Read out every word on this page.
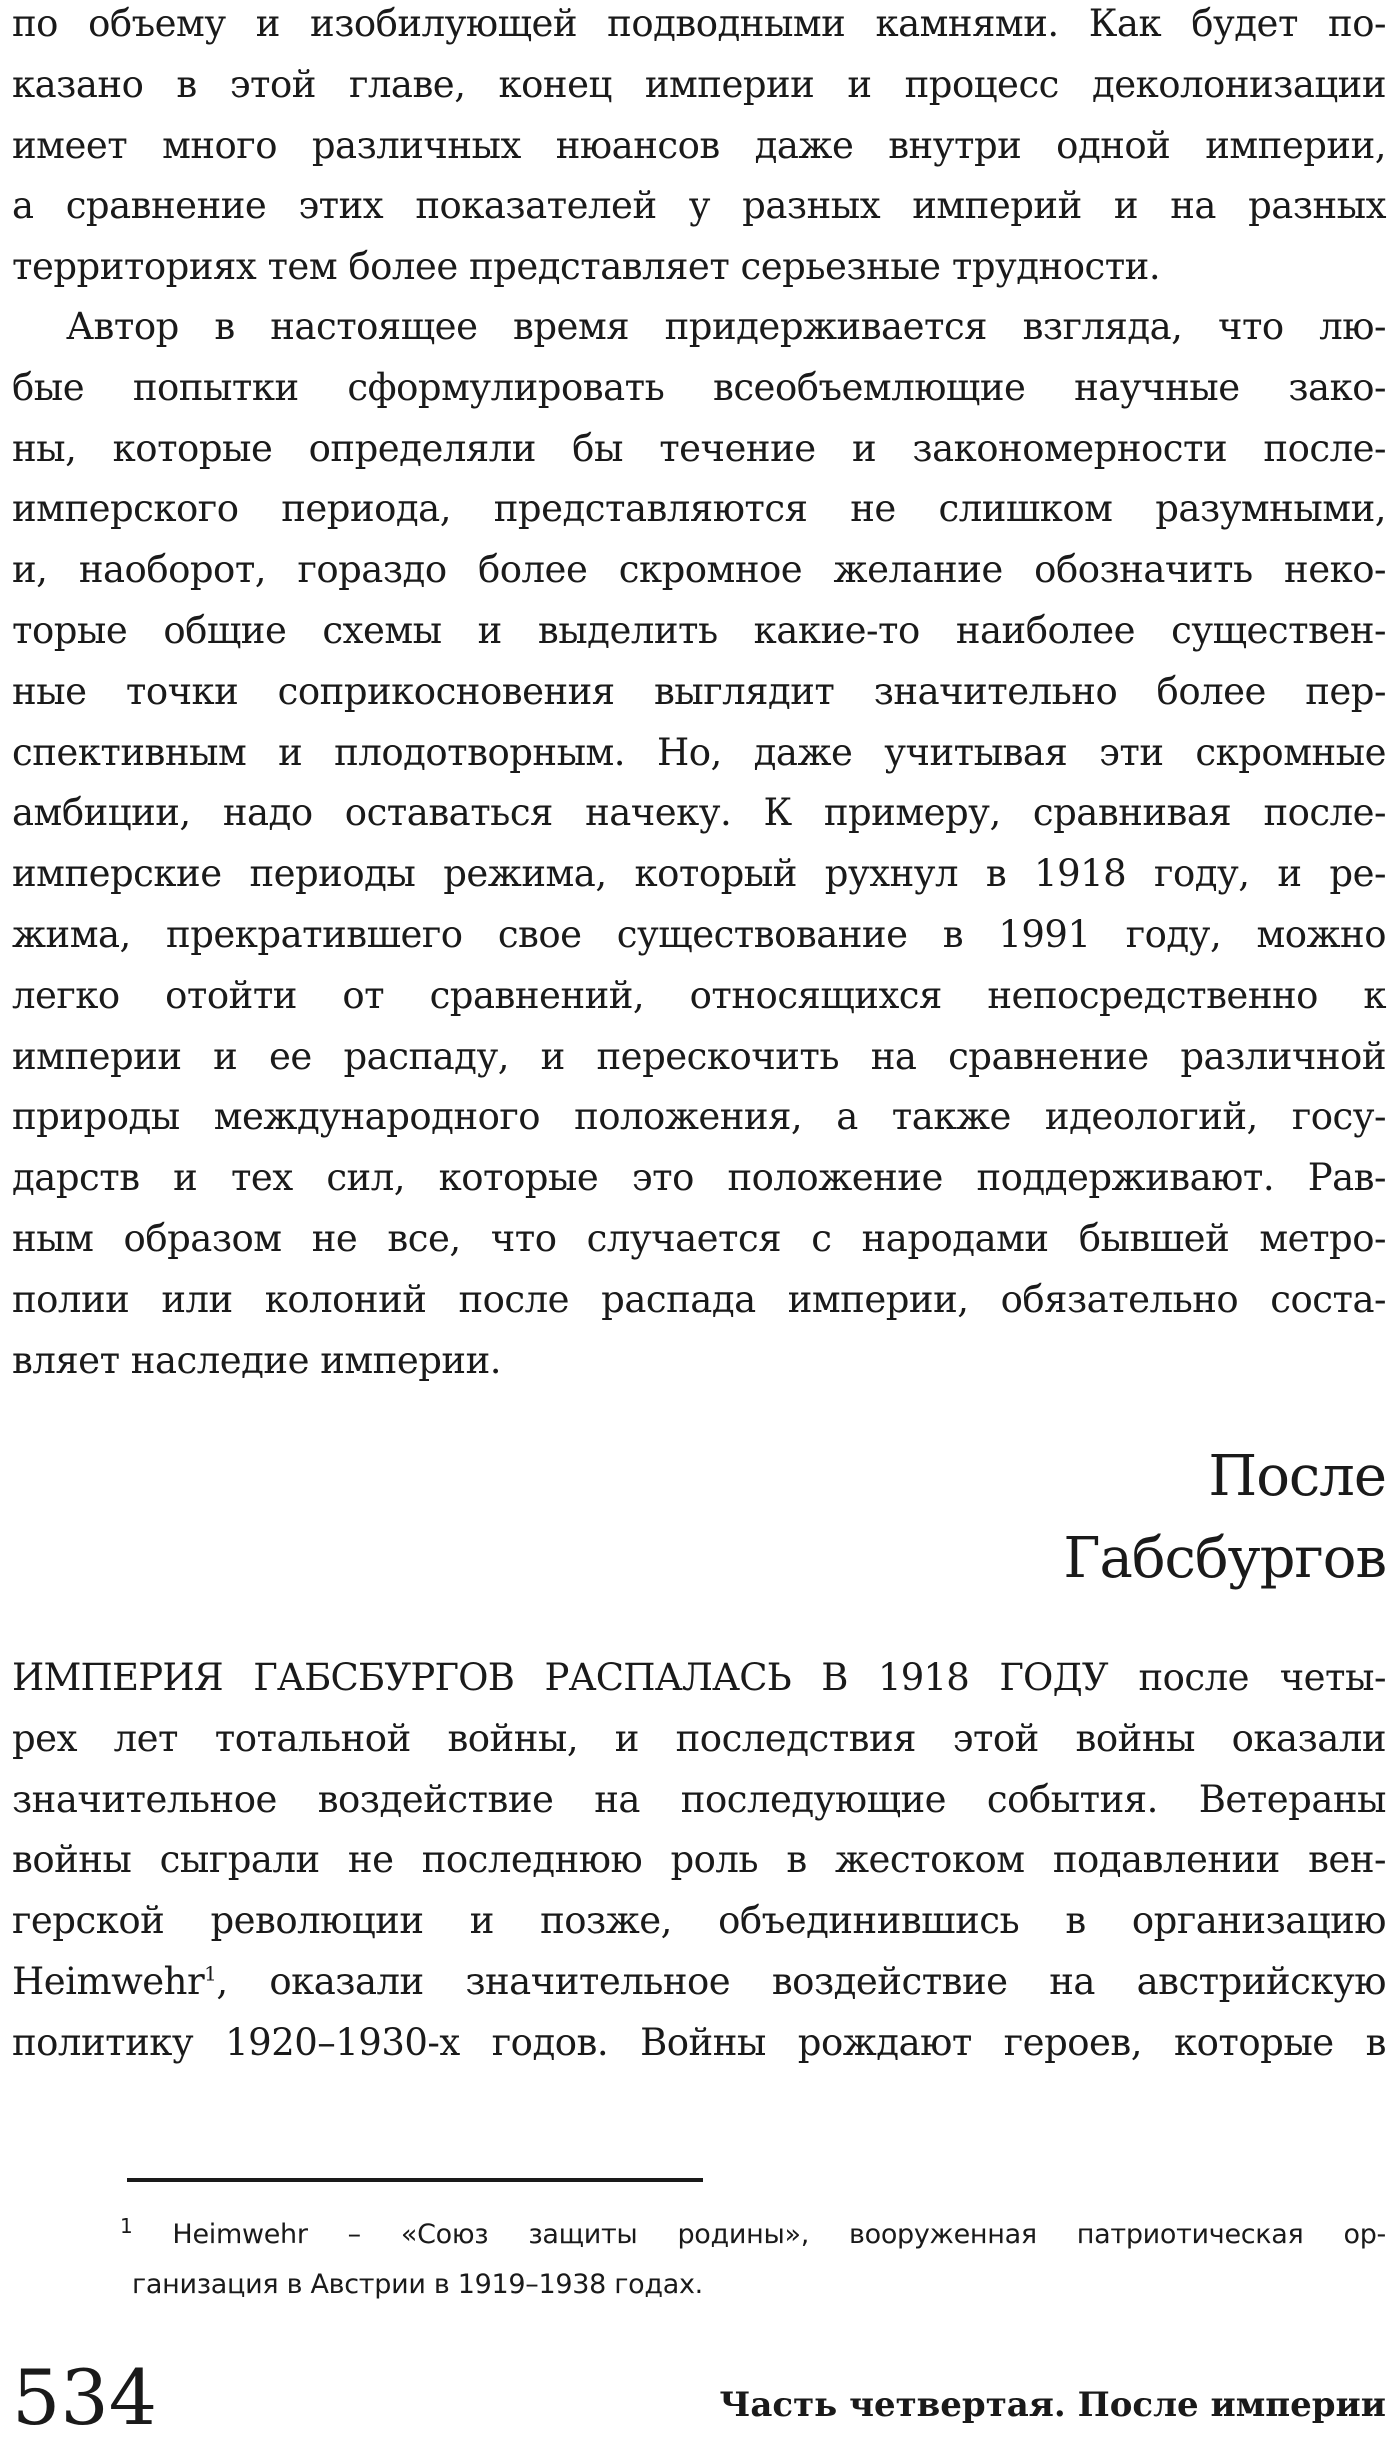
по объему и изобилующей подводными камнями. Как будет по-
казано в этой главе, конец империи и процесс деколонизации
имеет много различных нюансов даже внутри одной империи,
а сравнение этих показателей у разных империй и на разных
территориях тем более представляет серьезные трудности.
Автор в настоящее время придерживается взгляда, что лю-
бые попытки сформулировать всеобъемлющие научные зако-
ны, которые определяли бы течение и закономерности после-
имперского периода, представляются не слишком разумными,
и, наоборот, гораздо более скромное желание обозначить неко-
торые общие схемы и выделить какие-то наиболее существен-
ные точки соприкосновения выглядит значительно более пер-
спективным и плодотворным. Но, даже учитывая эти скромные
амбиции, надо оставаться начеку. К примеру, сравнивая после-
имперские периоды режима, который рухнул в 1918 году, и ре-
жима, прекратившего свое существование в 1991 году, можно
легко отойти от сравнений, относящихся непосредственно к
империи и ее распаду, и перескочить на сравнение различной
природы международного положения, а также идеологий, госу-
дарств и тех сил, которые это положение поддерживают. Рав-
ным образом не все, что случается с народами бывшей метро-
полии или колоний после распада империи, обязательно соста-
вляет наследие империи.
После
Габсбургов
ИМПЕРИЯ ГАБСБУРГОВ РАСПАЛАСЬ В 1918 ГОДУ после четы-
рех лет тотальной войны, и последствия этой войны оказали
значительное воздействие на последующие события. Ветераны
войны сыграли не последнюю роль в жестоком подавлении вен-
герской революции и позже, объединившись в организацию
Heimwehr$^1$, оказали значительное воздействие на австрийскую
политику 1920–1930-х годов. Войны рождают героев, которые в
$^1$ Heimwehr – «Союз защиты родины», вооруженная патриотическая ор-
ганизация в Австрии в 1919–1938 годах.
534	Часть четвертая. После империи
